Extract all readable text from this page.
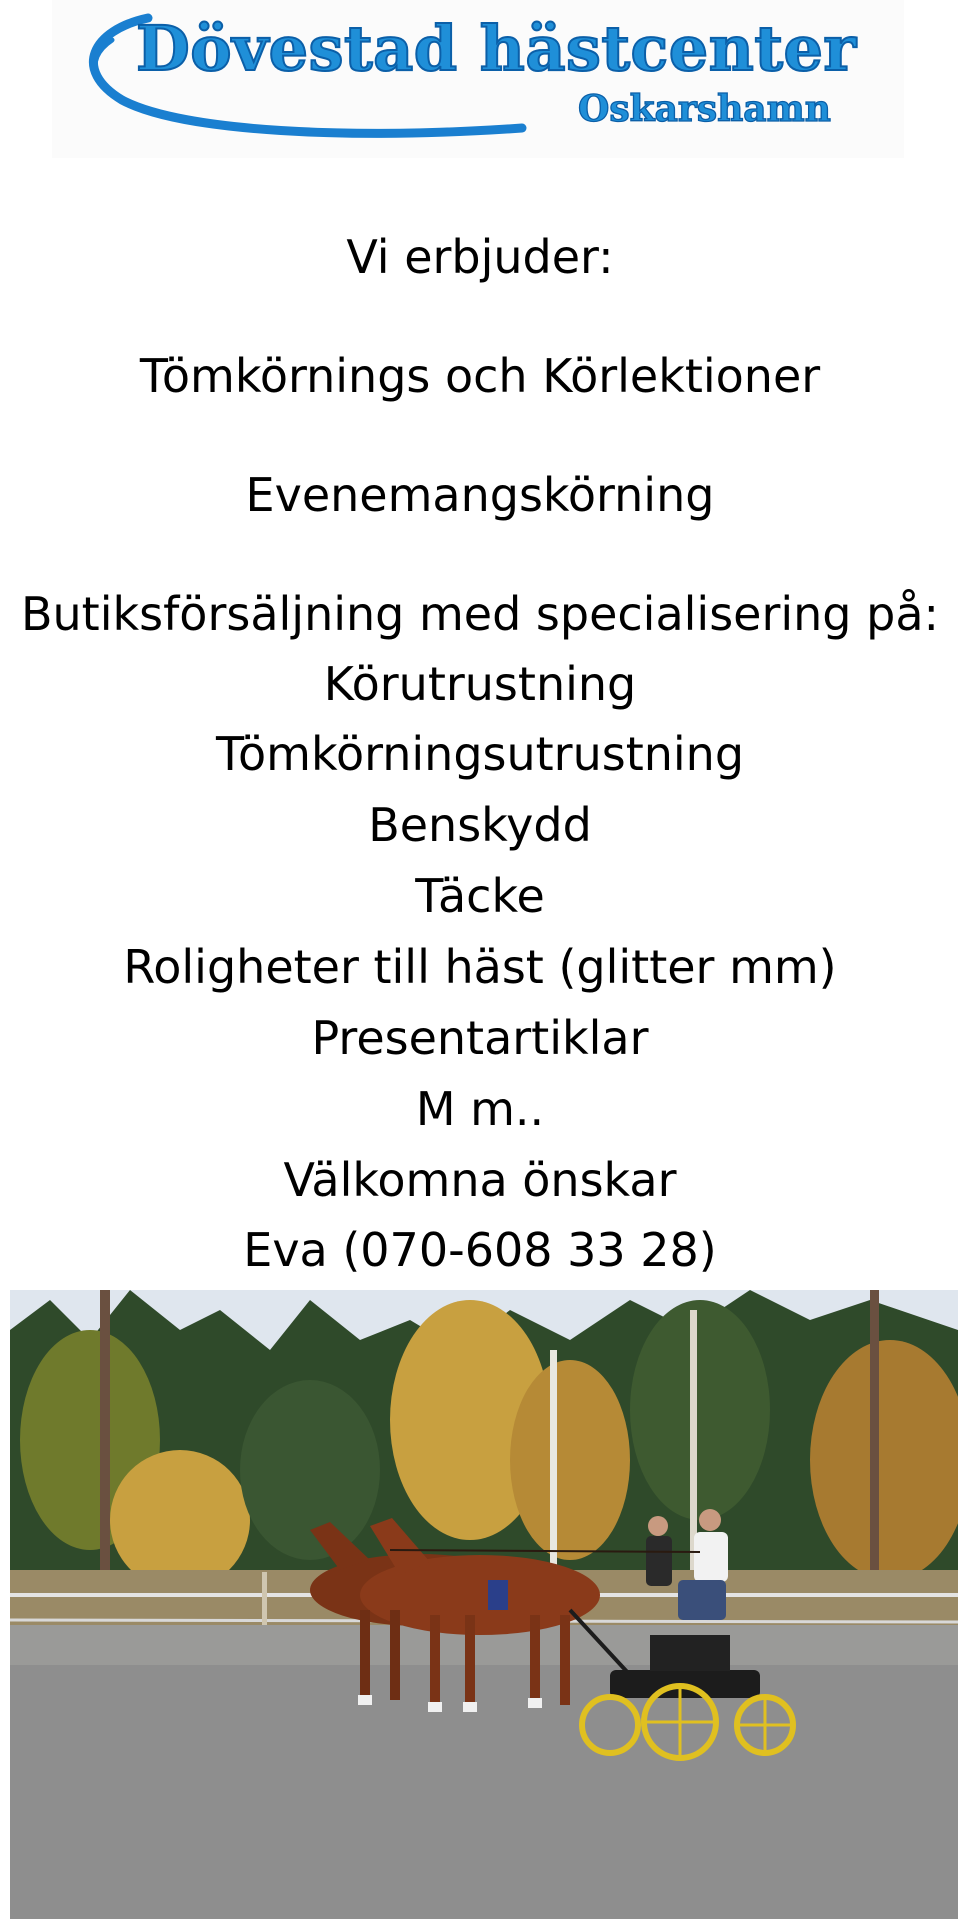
Dövestad hästcenter
Oskarshamn
Vi erbjuder:
Tömkörnings och Körlektioner
Evenemangskörning
Butiksförsäljning med specialisering på:
Körutrustning
Tömkörningsutrustning
Benskydd
Täcke
Roligheter till häst (glitter mm)
Presentartiklar
M m..
Välkomna önskar
Eva (070-608 33 28)
